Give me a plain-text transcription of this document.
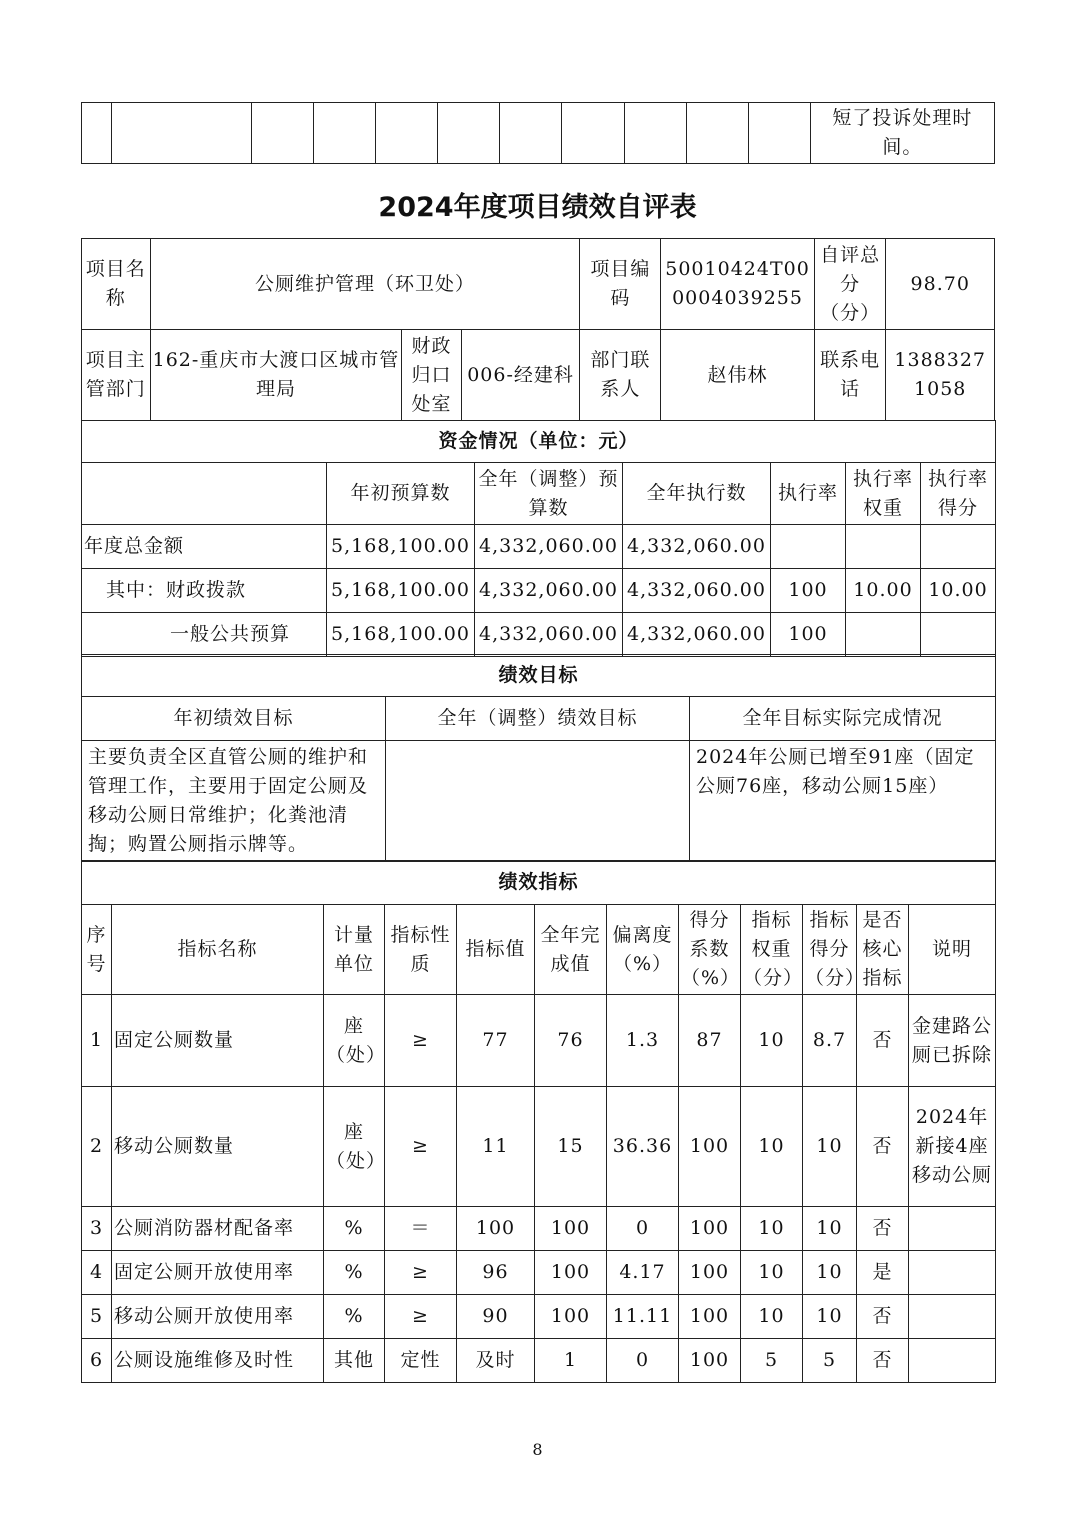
											短了投诉处理时间。
2024年度项目绩效自评表
项目名称	公厕维护管理（环卫处）			项目编码	50010424T000004039255	自评总分（分）	98.70
项目主管部门	162-重庆市大渡口区城市管理局	财政归口处室	006-经建科	部门联系人	赵伟林	联系电话	13883271058
资金情况（单位：元）						
	年初预算数	全年（调整）预算数	全年执行数	执行率	执行率权重	执行率得分
年度总金额	5,168,100.00	4,332,060.00	4,332,060.00			
其中：财政拨款	5,168,100.00	4,332,060.00	4,332,060.00	100	10.00	10.00
一般公共预算	5,168,100.00	4,332,060.00	4,332,060.00	100		
绩效目标		
年初绩效目标	全年（调整）绩效目标	全年目标实际完成情况
主要负责全区直管公厕的维护和管理工作，主要用于固定公厕及移动公厕日常维护；化粪池清掏；购置公厕指示牌等。		2024年公厕已增至91座（固定公厕76座，移动公厕15座）
绩效指标											
序号	指标名称	计量单位	指标性质	指标值	全年完成值	偏离度（%）	得分系数（%）	指标权重（分）	指标得分（分）	是否核心指标	说明
1	固定公厕数量	座（处）	≥	77	76	1.3	87	10	8.7	否	金建路公厕已拆除
2	移动公厕数量	座（处）	≥	11	15	36.36	100	10	10	否	2024年新接4座移动公厕
3	公厕消防器材配备率	%	＝	100	100	0	100	10	10	否	
4	固定公厕开放使用率	%	≥	96	100	4.17	100	10	10	是	
5	移动公厕开放使用率	%	≥	90	100	11.11	100	10	10	否	
6	公厕设施维修及时性	其他	定性	及时	1	0	100	5	5	否	
8
